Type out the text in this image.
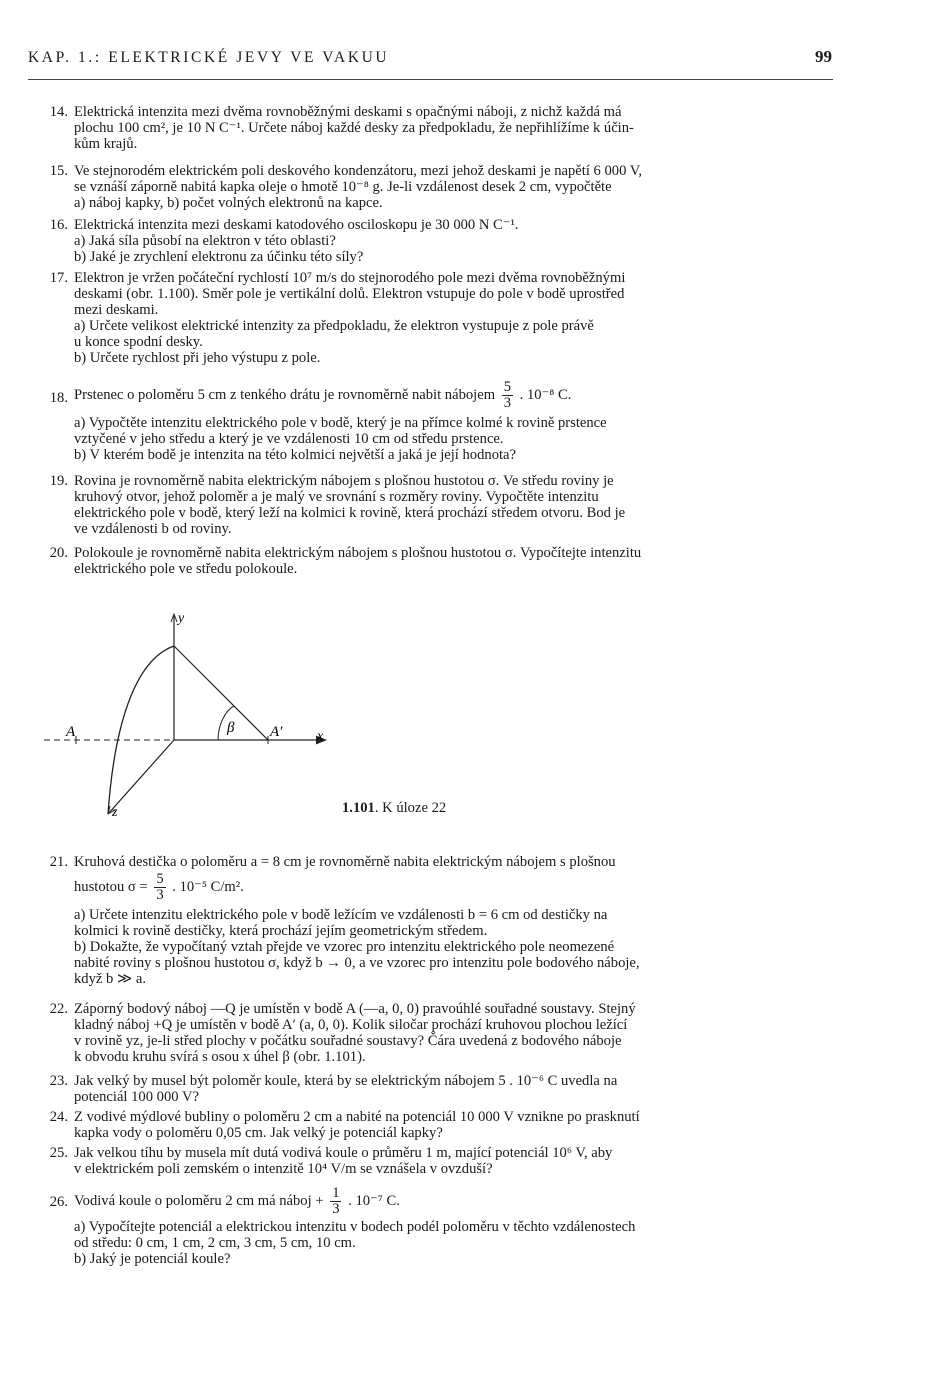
KAP. 1.: ELEKTRICKÉ JEVY VE VAKUU	99
14. Elektrická intenzita mezi dvěma rovnoběžnými deskami s opačnými náboji, z nichž každá má
plochu 100 cm², je 10 N C⁻¹. Určete náboj každé desky za předpokladu, že nepřihlížíme k účin-
kům krajů.
15. Ve stejnorodém elektrickém poli deskového kondenzátoru, mezi jehož deskami je napětí 6 000 V,
se vznáší záporně nabitá kapka oleje o hmotě 10⁻⁸ g. Je-li vzdálenost desek 2 cm, vypočtěte
a) náboj kapky, b) počet volných elektronů na kapce.
16. Elektrická intenzita mezi deskami katodového osciloskopu je 30 000 N C⁻¹.
a) Jaká síla působí na elektron v této oblasti?
b) Jaké je zrychlení elektronu za účinku této síly?
17. Elektron je vržen počáteční rychlostí 10⁷ m/s do stejnorodého pole mezi dvěma rovnoběžnými
deskami (obr. 1.100). Směr pole je vertikální dolů. Elektron vstupuje do pole v bodě uprostřed
mezi deskami.
a) Určete velikost elektrické intenzity za předpokladu, že elektron vystupuje z pole právě
u konce spodní desky.
b) Určete rychlost při jeho výstupu z pole.
18. Prstenec o poloměru 5 cm z tenkého drátu je rovnoměrně nabit nábojem $\frac{5}{3}$ . 10⁻⁸ C.
a) Vypočtěte intenzitu elektrického pole v bodě, který je na přímce kolmé k rovině prstence
vztyčené v jeho středu a který je ve vzdálenosti 10 cm od středu prstence.
b) V kterém bodě je intenzita na této kolmici největší a jaká je její hodnota?
19. Rovina je rovnoměrně nabita elektrickým nábojem s plošnou hustotou σ. Ve středu roviny je
kruhový otvor, jehož poloměr a je malý ve srovnání s rozměry roviny. Vypočtěte intenzitu
elektrického pole v bodě, který leží na kolmici k rovině, která prochází středem otvoru. Bod je
ve vzdálenosti b od roviny.
20. Polokoule je rovnoměrně nabita elektrickým nábojem s plošnou hustotou σ. Vypočítejte intenzitu
elektrického pole ve středu polokoule.
y
x
z
A	A′
β
1.101. K úloze 22
21. Kruhová destička o poloměru a = 8 cm je rovnoměrně nabita elektrickým nábojem s plošnou
hustotou $\sigma = \frac{5}{3}$ . 10⁻⁵ C/m².
a) Určete intenzitu elektrického pole v bodě ležícím ve vzdálenosti b = 6 cm od destičky na
kolmici k rovině destičky, která prochází jejím geometrickým středem.
b) Dokažte, že vypočítaný vztah přejde ve vzorec pro intenzitu elektrického pole neomezené
nabité roviny s plošnou hustotou σ, když b → 0, a ve vzorec pro intenzitu pole bodového náboje,
když b ≫ a.
22. Záporný bodový náboj —Q je umístěn v bodě A (—a, 0, 0) pravoúhlé souřadné soustavy. Stejný
kladný náboj +Q je umístěn v bodě A′ (a, 0, 0). Kolik siločar prochází kruhovou plochou ležící
v rovině yz, je-li střed plochy v počátku souřadné soustavy? Čára uvedená z bodového náboje
k obvodu kruhu svírá s osou x úhel β (obr. 1.101).
23. Jak velký by musel být poloměr koule, která by se elektrickým nábojem 5 . 10⁻⁶ C uvedla na
potenciál 100 000 V?
24. Z vodivé mýdlové bubliny o poloměru 2 cm a nabité na potenciál 10 000 V vznikne po prasknutí
kapka vody o poloměru 0,05 cm. Jak velký je potenciál kapky?
25. Jak velkou tíhu by musela mít dutá vodivá koule o průměru 1 m, mající potenciál 10⁶ V, aby
v elektrickém poli zemském o intenzitě 10⁴ V/m se vznášela v ovzduší?
26. Vodivá koule o poloměru 2 cm má náboj + $\frac{1}{3}$ . 10⁻⁷ C.
a) Vypočítejte potenciál a elektrickou intenzitu v bodech podél poloměru v těchto vzdálenostech
od středu: 0 cm, 1 cm, 2 cm, 3 cm, 5 cm, 10 cm.
b) Jaký je potenciál koule?
